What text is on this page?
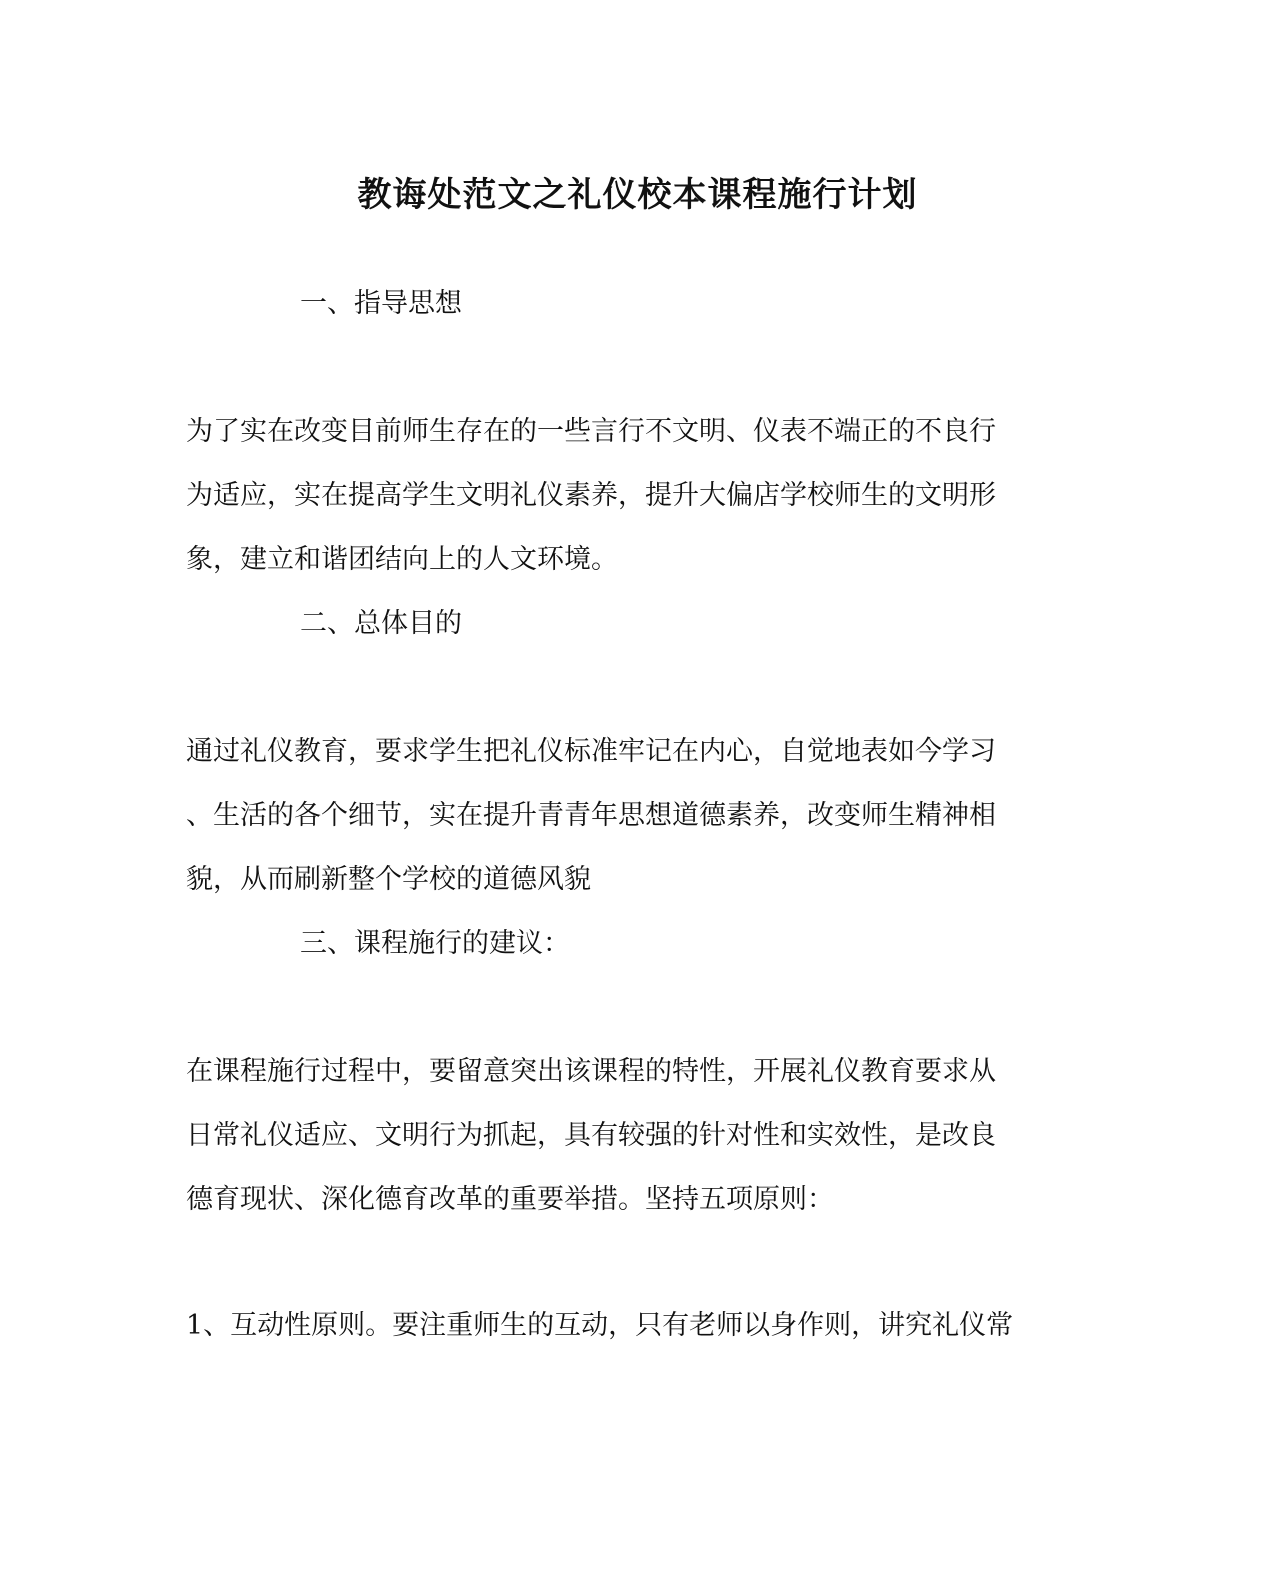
教诲处范文之礼仪校本课程施行计划

一、指导思想

为了实在改变目前师生存在的一些言行不文明、仪表不端正的不良行
为适应，实在提高学生文明礼仪素养，提升大偏店学校师生的文明形
象，建立和谐团结向上的人文环境。

二、总体目的

通过礼仪教育，要求学生把礼仪标准牢记在内心，自觉地表如今学习
、生活的各个细节，实在提升青青年思想道德素养，改变师生精神相
貌，从而刷新整个学校的道德风貌

三、课程施行的建议：

在课程施行过程中，要留意突出该课程的特性，开展礼仪教育要求从
日常礼仪适应、文明行为抓起，具有较强的针对性和实效性，是改良
德育现状、深化德育改革的重要举措。坚持五项原则：
1、互动性原则。要注重师生的互动，只有老师以身作则，讲究礼仪常
